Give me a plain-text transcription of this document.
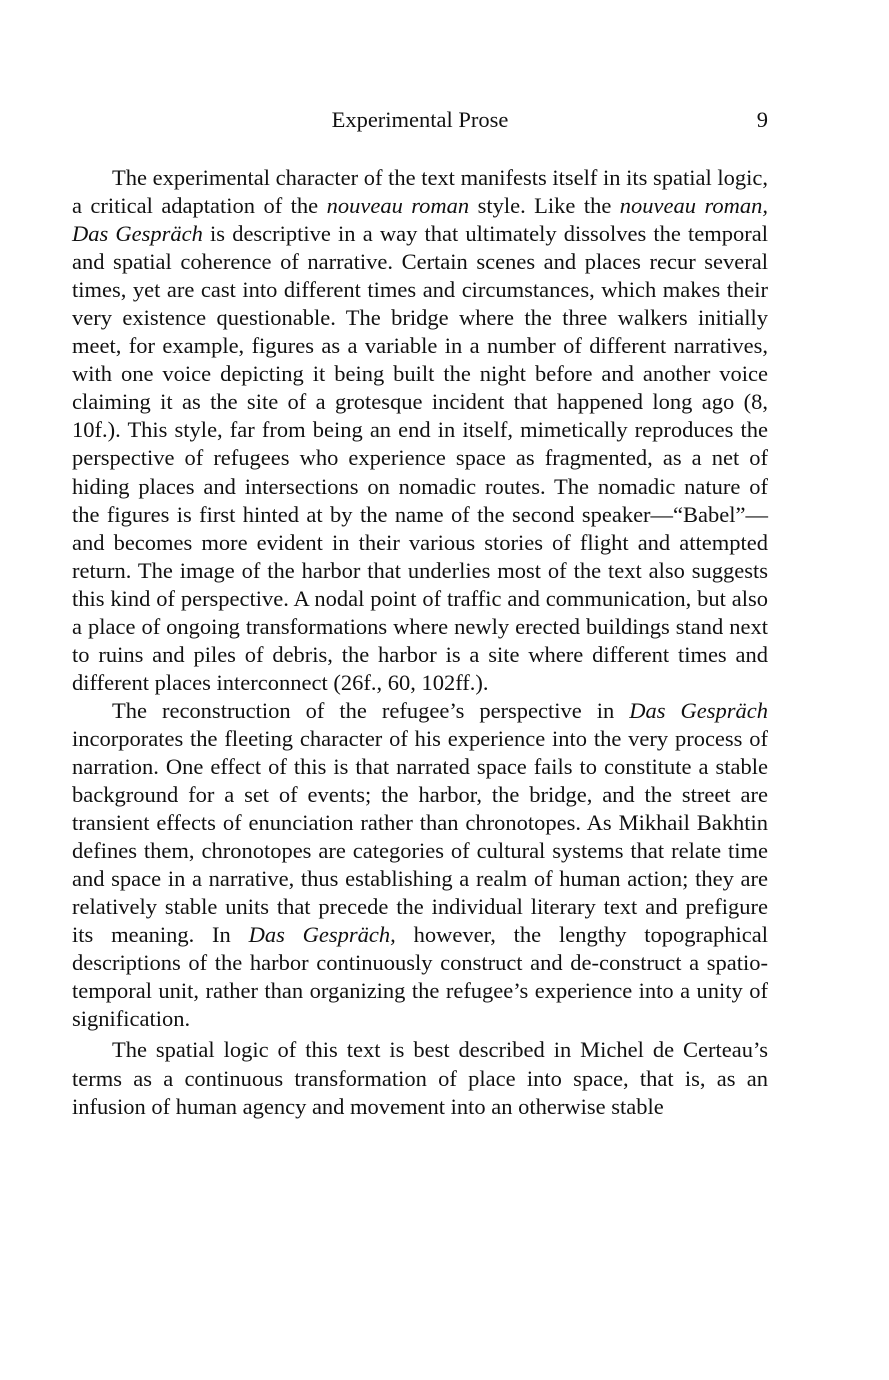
Experimental Prose	9

The experimental character of the text manifests itself in its spatial logic, a critical adaptation of the nouveau roman style. Like the nouveau roman, Das Gespräch is descriptive in a way that ultimately dissolves the temporal and spatial coherence of narrative. Certain scenes and places recur several times, yet are cast into different times and circumstances, which makes their very existence questionable. The bridge where the three walkers initially meet, for example, figures as a variable in a number of different narratives, with one voice depicting it being built the night before and another voice claiming it as the site of a grotesque incident that happened long ago (8, 10f.). This style, far from being an end in itself, mimetically reproduces the perspective of refugees who experience space as fragmented, as a net of hiding places and intersections on nomadic routes. The nomadic nature of the figures is first hinted at by the name of the second speaker—“Babel”—and becomes more evident in their various stories of flight and attempted return. The image of the harbor that underlies most of the text also suggests this kind of perspective. A nodal point of traffic and communication, but also a place of ongoing transformations where newly erected buildings stand next to ruins and piles of debris, the harbor is a site where different times and different places interconnect (26f., 60, 102ff.).

The reconstruction of the refugee’s perspective in Das Gespräch incorporates the fleeting character of his experience into the very process of narration. One effect of this is that narrated space fails to constitute a stable background for a set of events; the harbor, the bridge, and the street are transient effects of enunciation rather than chronotopes. As Mikhail Bakhtin defines them, chronotopes are categories of cultural systems that relate time and space in a narrative, thus establishing a realm of human action; they are relatively stable units that precede the individual literary text and prefigure its meaning. In Das Gespräch, however, the lengthy topographical descriptions of the harbor continuously construct and de-construct a spatio-temporal unit, rather than organizing the refugee’s experience into a unity of signification.

The spatial logic of this text is best described in Michel de Certeau’s terms as a continuous transformation of place into space, that is, as an infusion of human agency and movement into an otherwise stable
